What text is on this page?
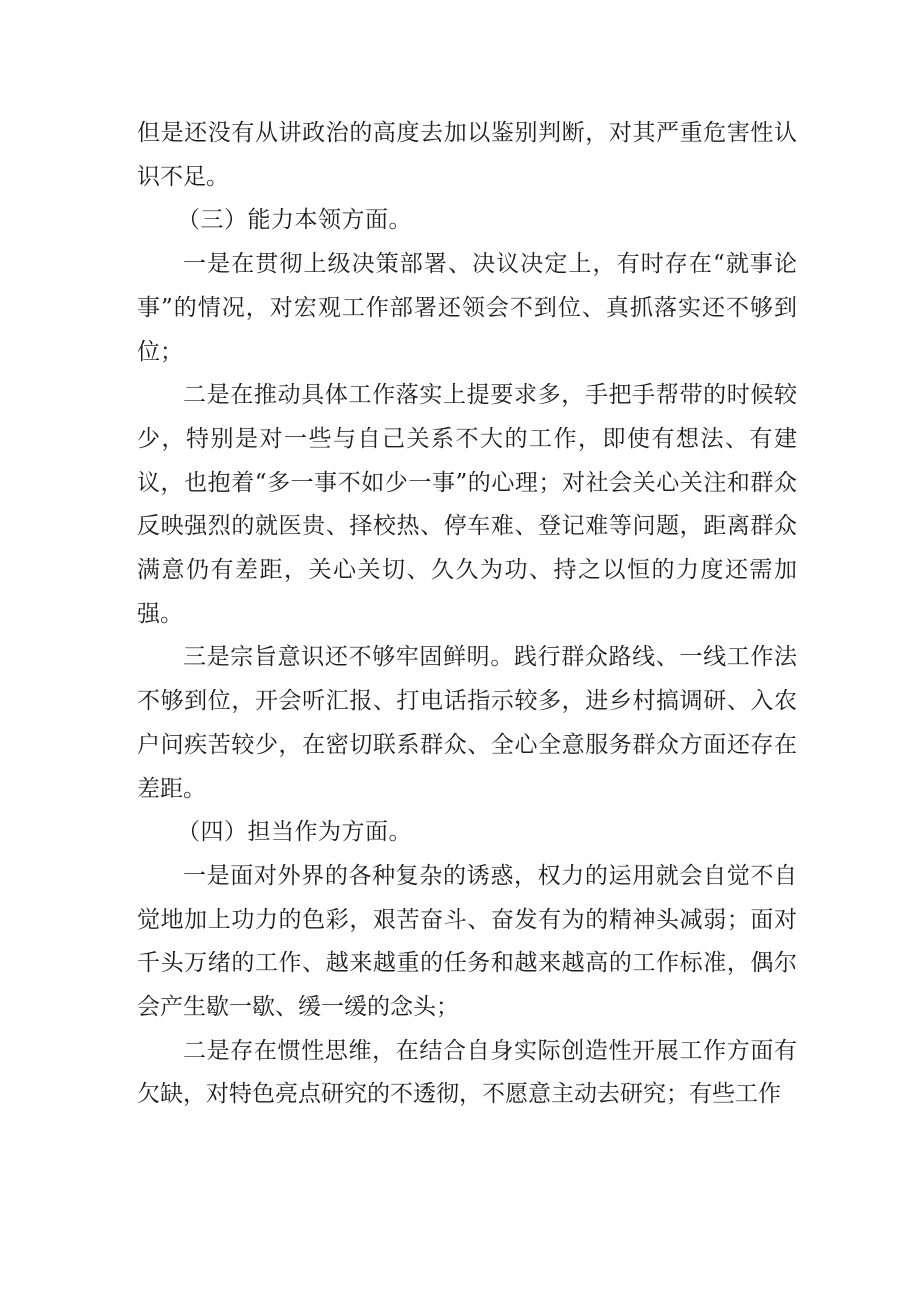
但是还没有从讲政治的高度去加以鉴别判断，对其严重危害性认识不足。

（三）能力本领方面。

一是在贯彻上级决策部署、决议决定上，有时存在“就事论事”的情况，对宏观工作部署还领会不到位、真抓落实还不够到位；

二是在推动具体工作落实上提要求多，手把手帮带的时候较少，特别是对一些与自己关系不大的工作，即使有想法、有建议，也抱着“多一事不如少一事”的心理；对社会关心关注和群众反映强烈的就医贵、择校热、停车难、登记难等问题，距离群众满意仍有差距，关心关切、久久为功、持之以恒的力度还需加强。

三是宗旨意识还不够牢固鲜明。践行群众路线、一线工作法不够到位，开会听汇报、打电话指示较多，进乡村搞调研、入农户问疾苦较少，在密切联系群众、全心全意服务群众方面还存在差距。

（四）担当作为方面。

一是面对外界的各种复杂的诱惑，权力的运用就会自觉不自觉地加上功力的色彩，艰苦奋斗、奋发有为的精神头减弱；面对千头万绪的工作、越来越重的任务和越来越高的工作标准，偶尔会产生歇一歇、缓一缓的念头；

二是存在惯性思维，在结合自身实际创造性开展工作方面有欠缺，对特色亮点研究的不透彻，不愿意主动去研究；有些工作
